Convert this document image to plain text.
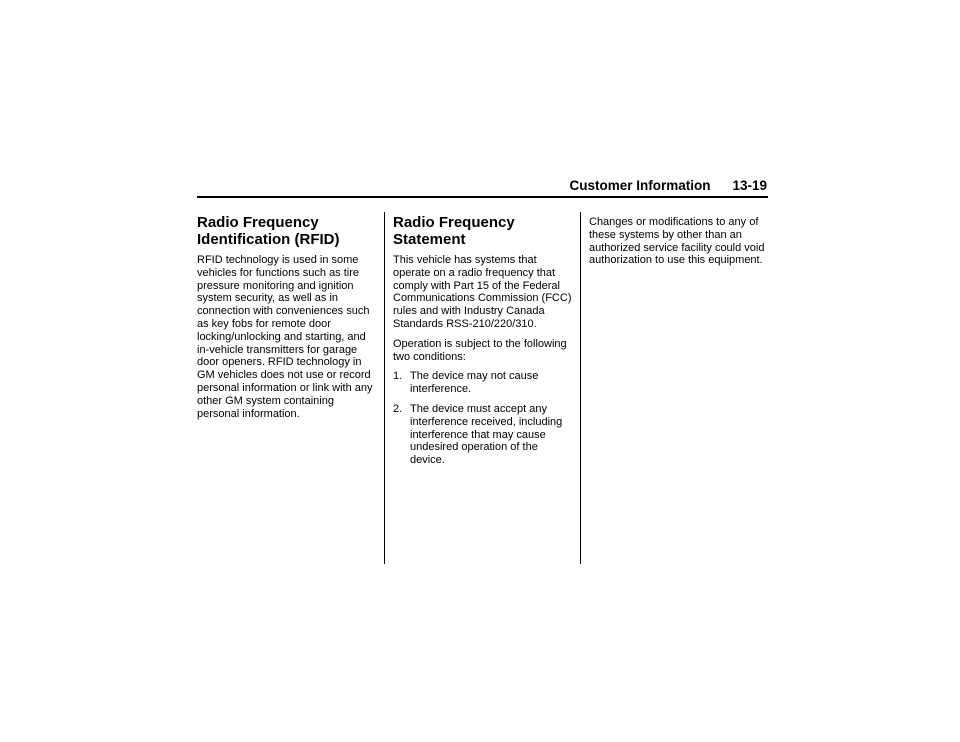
Customer Information 13-19
Radio Frequency
Identification (RFID)

RFID technology is used in some vehicles for functions such as tire pressure monitoring and ignition system security, as well as in connection with conveniences such as key fobs for remote door locking/unlocking and starting, and in-vehicle transmitters for garage door openers. RFID technology in GM vehicles does not use or record personal information or link with any other GM system containing personal information.

Radio Frequency
Statement

This vehicle has systems that operate on a radio frequency that comply with Part 15 of the Federal Communications Commission (FCC) rules and with Industry Canada Standards RSS-210/220/310.

Operation is subject to the following two conditions:

1. The device may not cause interference.
2. The device must accept any interference received, including interference that may cause undesired operation of the device.

Changes or modifications to any of these systems by other than an authorized service facility could void authorization to use this equipment.
